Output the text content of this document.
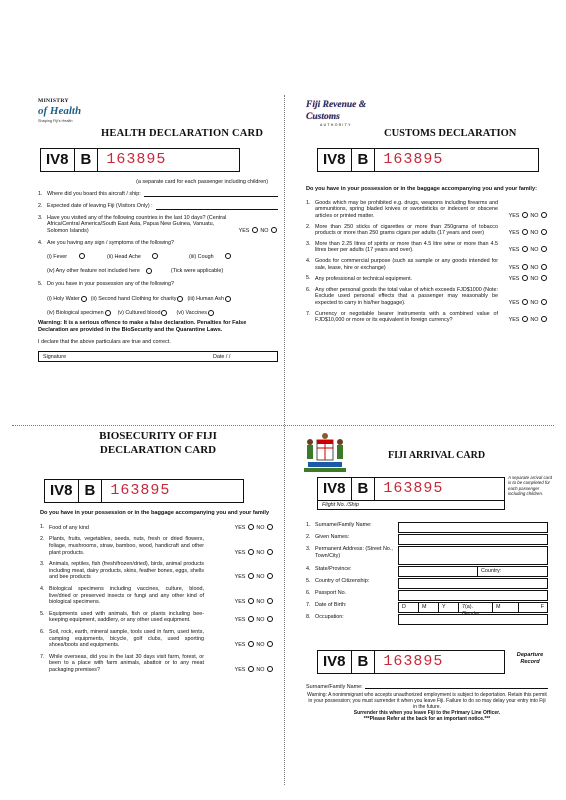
MINISTRY
of Health
Shaping Fiji's Health
HEALTH DECLARATION CARD
IV8 B	163895
(a separate card for each passenger including children)
1. Where did you board this aircraft / ship:
2. Expected date of leaving Fiji (Visitors Only) :
3. Have you visited any of the following countries in the last 10 days? (Central Africa/Central America/South East Asia, Papua New Guinea, Vanuatu, Solomon Islands)	YES NO
4. Are you having any sign / symptoms of the following?
(i) Fever	(ii) Head Ache	(iii) Cough
(iv) Any other feature not included here	(Tick were applicable)
5. Do you have in your possession any of the following?
(i) Holy Water (ii) Second hand Clothing for charity (iii) Human Ash
(iv) Biological specimen	(v) Cultured blood	(vi) Vaccines
Warning: It is a serious offence to make a false declaration. Penalties for False Declaration are provided in the BioSecurity and the Quarantine Laws.
I declare that the above particulars are true and correct.
Signature	Date / /
Fiji Revenue & Customs
AUTHORITY
CUSTOMS DECLARATION
IV8 B	163895
Do you have in your possession or in the baggage accompanying you and your family:
1. Goods which may be prohibited e.g. drugs, weapons including firearms and ammunitions, spring bladed knives or swordsticks or indecent or obscene articles or printed matter.	YES NO
2. More than 250 sticks of cigarettes or more than 250grams of tobacco products or more than 250 grams cigars per adults (17 years and over)	YES NO
3. More than 2.25 litres of spirits or more than 4.5 litre wine or more than 4.5 litres beer per adults (17 years and over).	YES NO
4. Goods for commercial purpose (such as sample or any goods intended for sale, lease, hire or exchange)	YES NO
5. Any professional or technical equipment.	YES NO
6. Any other personal goods the total value of which exceeds FJD$1000 (Note: Exclude used personal effects that a passenger may reasonably be expected to carry in his/her baggage).	YES NO
7. Currency or negotiable bearer instruments with a combined value of FJD$10,000 or more or its equivalent in foreign currency?	YES NO
BIOSECURITY OF FIJI
DECLARATION CARD
IV8 B	163895
Do you have in your possession or in the baggage accompanying you and your family
1. Food of any kind	YES NO
2. Plants, fruits, vegetables, seeds, nuts, fresh or dried flowers, foliage, mushrooms, straw, bamboo, wood, handicraft and other plant products.	YES NO
3. Animals, reptiles, fish (fresh/frozen/dried), birds, animal products including meat, dairy products, skins, feather bones, eggs, shells and bee products	YES NO
4. Biological specimens including vaccines, culture, blood, live/dried or preserved insects or fungi and any other kind of biological specimens.	YES NO
5. Equipments used with animals, fish or plants including bee-keeping equipment, saddlery, or any other used equipment.	YES NO
6. Soil, rock, earth, mineral sample, tools used in farm, used tents, camping equipments, bicycle, golf clubs, used sporting shoes/boots and equipments.	YES NO
7. While overseas, did you in the last 30 days visit farm, forest, or been to a place with farm animals, abattoir or to any meat packaging premises?	YES NO
FIJI ARRIVAL CARD
IV8 B	163895
A separate arrival card is to be completed for each passenger including children.
Flight No. /Ship
1. Surname/Family Name:
2. Given Names:
3. Permanent Address: (Street No., Town/City)
4. State/Province:	Country:
5. Country of Citizenship:
6. Passport No.
7. Date of Birth:	D	M	Y	7(a). Gender:
M	F
8. Occupation:
IV8 B	163895	Departure Record
Surname/Family Name:
Warning: A nonimmigrant who accepts unauthorized employment is subject to deportation. Retain this permit in your possession; you must surrender it when you leave Fiji. Failure to do so may delay your entry into Fiji in the future.
Surrender this when you leave Fiji to the Primary Line Officer.
***Please Refer at the back for an important notice.***
